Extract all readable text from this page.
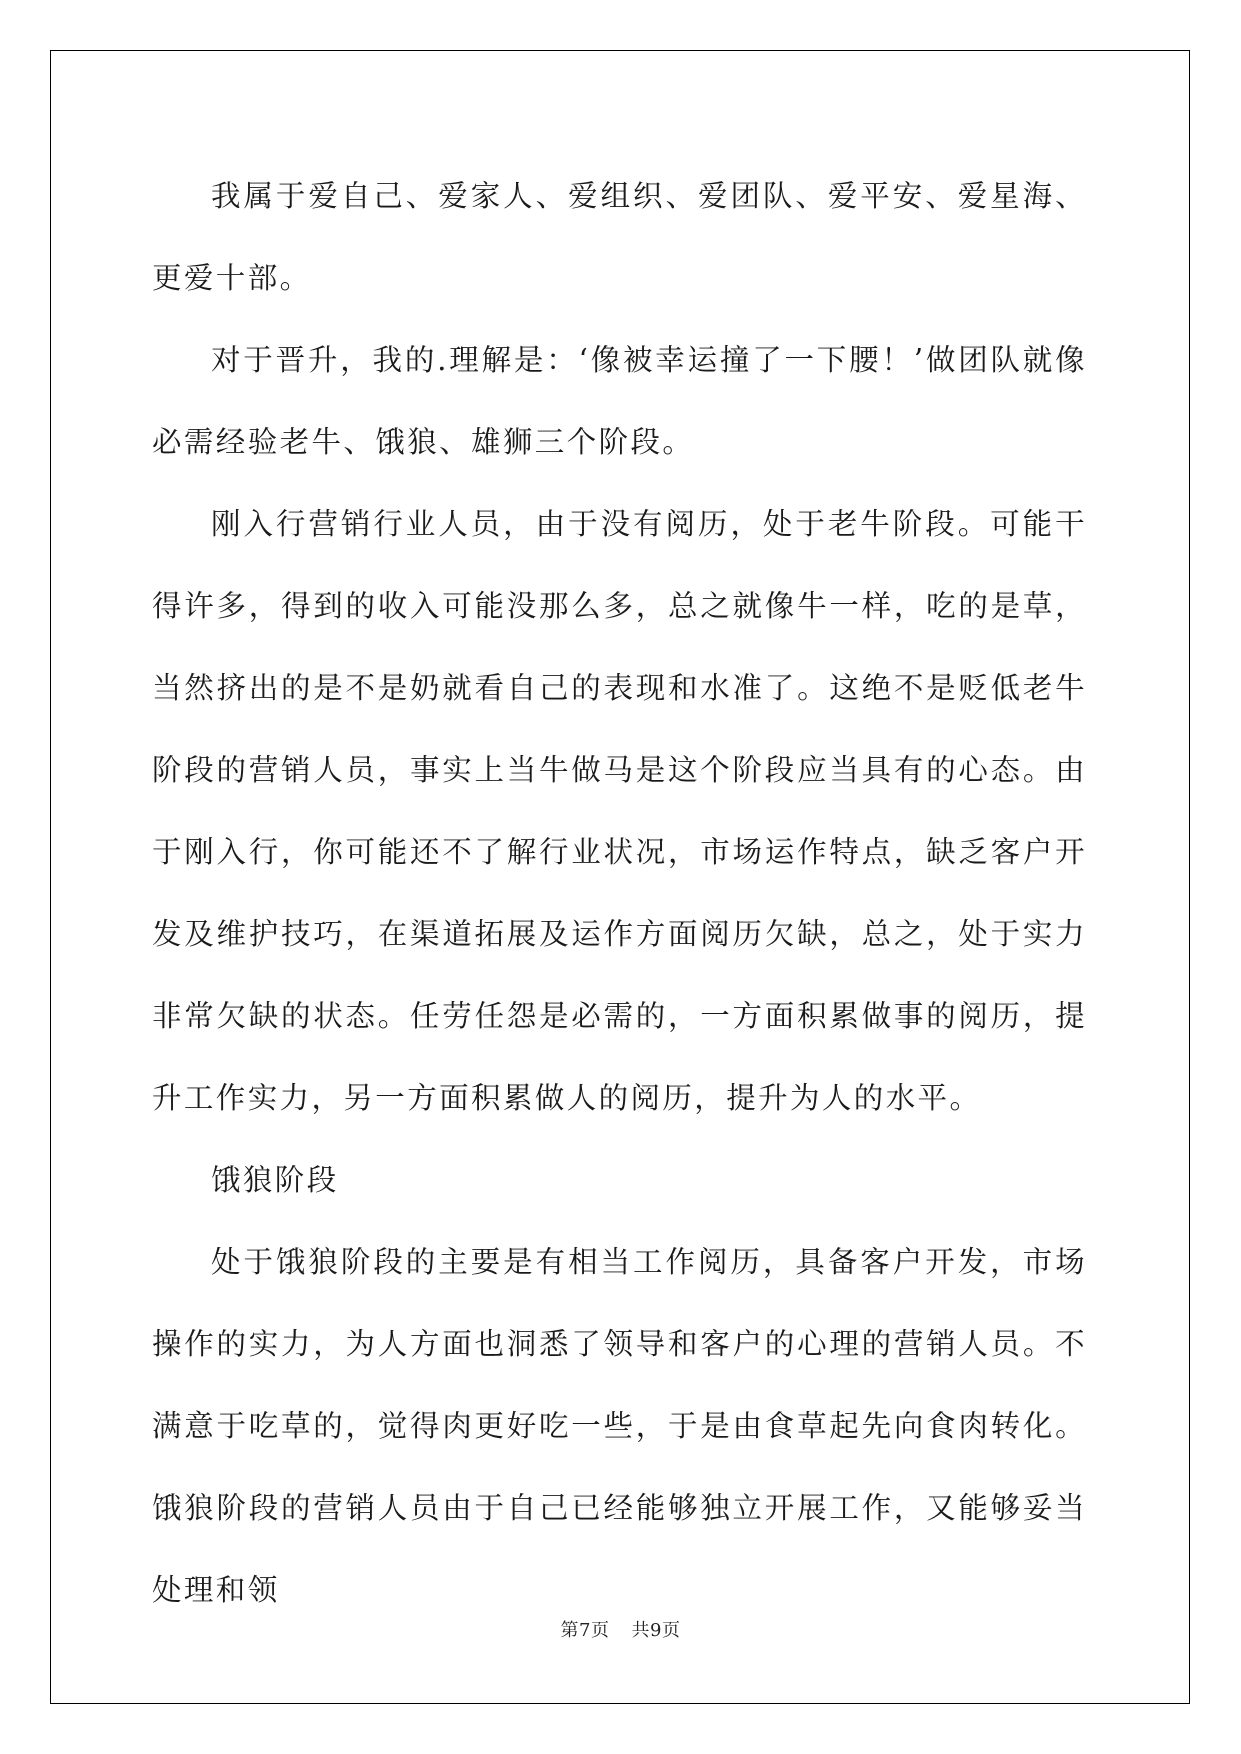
我属于爱自己、爱家人、爱组织、爱团队、爱平安、爱星海、更爱十部。

对于晋升，我的.理解是：‘像被幸运撞了一下腰！’做团队就像必需经验老牛、饿狼、雄狮三个阶段。

刚入行营销行业人员，由于没有阅历，处于老牛阶段。可能干得许多，得到的收入可能没那么多，总之就像牛一样，吃的是草，当然挤出的是不是奶就看自己的表现和水准了。这绝不是贬低老牛阶段的营销人员，事实上当牛做马是这个阶段应当具有的心态。由于刚入行，你可能还不了解行业状况，市场运作特点，缺乏客户开发及维护技巧，在渠道拓展及运作方面阅历欠缺，总之，处于实力非常欠缺的状态。任劳任怨是必需的，一方面积累做事的阅历，提升工作实力，另一方面积累做人的阅历，提升为人的水平。

饿狼阶段

处于饿狼阶段的主要是有相当工作阅历，具备客户开发，市场操作的实力，为人方面也洞悉了领导和客户的心理的营销人员。不满意于吃草的，觉得肉更好吃一些，于是由食草起先向食肉转化。饿狼阶段的营销人员由于自己已经能够独立开展工作，又能够妥当处理和领

第7页 共9页
